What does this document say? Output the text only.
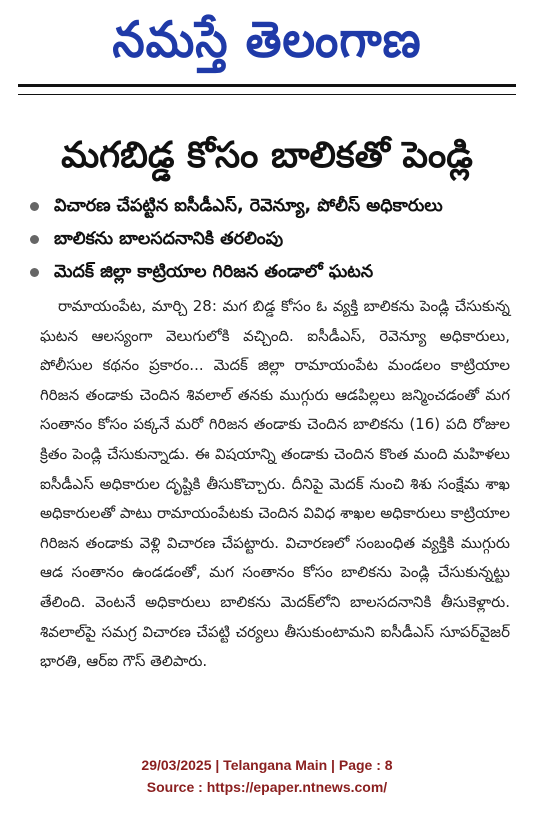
నమస్తే తెలంగాణ
మగబిడ్డ కోసం బాలికతో పెండ్లి
విచారణ చేపట్టిన ఐసీడీఎస్‌, రెవెన్యూ, పోలీస్‌ అధికారులు
బాలికను బాలసదనానికి తరలింపు
మెదక్‌ జిల్లా కాట్రియాల గిరిజన తండాలో ఘటన

రామాయంపేట, మార్చి 28: మగ బిడ్డ కోసం ఓ వ్యక్తి బాలికను పెండ్లి చేసుకున్న ఘటన ఆలస్యంగా వెలుగులోకి వచ్చింది. ఐసీడీఎస్‌, రెవెన్యూ అధికారులు, పోలీసుల కథనం ప్రకారం... మెదక్‌ జిల్లా రామాయంపేట మండలం కాట్రియాల గిరిజన తండాకు చెందిన శివలాల్‌ తనకు ముగ్గురు ఆడపిల్లలు జన్మించడంతో మగ సంతానం కోసం పక్కనే మరో గిరిజన తండాకు చెందిన బాలికను (16) పది రోజుల క్రితం పెండ్లి చేసుకున్నాడు. ఈ విషయాన్ని తండాకు చెందిన కొంత మంది మహిళలు ఐసీడీఎస్‌ అధికారుల దృష్టికి తీసుకొచ్చారు. దీనిపై మెదక్‌ నుంచి శిశు సంక్షేమ శాఖ అధికారులతో పాటు రామాయంపేటకు చెందిన వివిధ శాఖల అధికారులు కాట్రియాల గిరిజన తండాకు వెళ్లి విచారణ చేపట్టారు. విచారణలో సంబంధిత వ్యక్తికి ముగ్గురు ఆడ సంతానం ఉండడంతో, మగ సంతానం కోసం బాలికను పెండ్లి చేసుకున్నట్టు తేలింది. వెంటనే అధికారులు బాలికను మెదక్‌లోని బాలసదనానికి తీసుకెళ్లారు. శివలాల్‌పై సమగ్ర విచారణ చేపట్టి చర్యలు తీసుకుంటామని ఐసీడీఎస్‌ సూపర్‌వైజర్‌ భారతి, ఆర్‌ఐ గౌస్‌ తెలిపారు.

29/03/2025 | Telangana Main | Page : 8
Source : https://epaper.ntnews.com/
